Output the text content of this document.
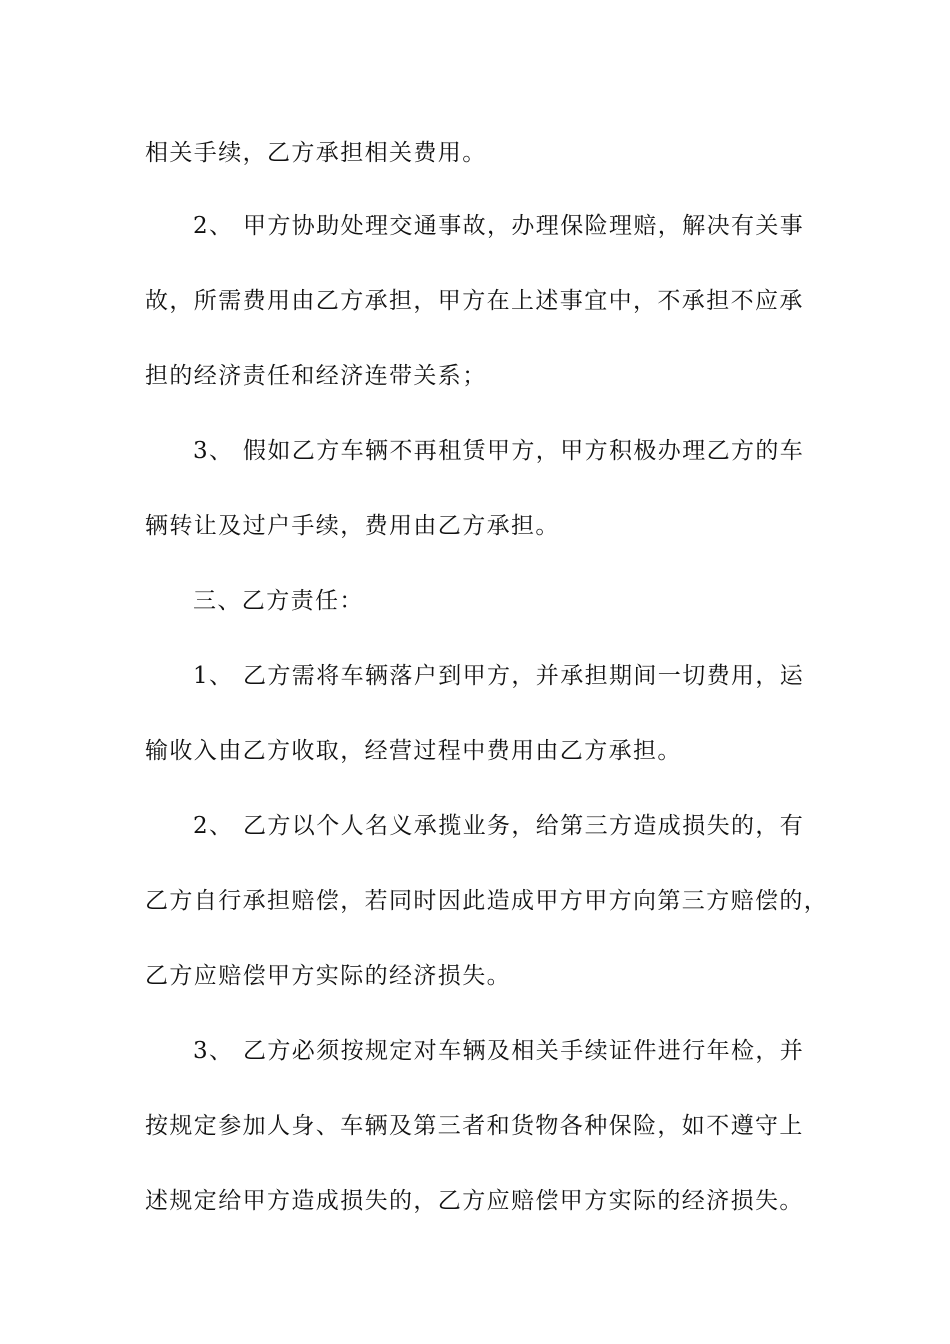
相关手续，乙方承担相关费用。

2、 甲方协助处理交通事故，办理保险理赔，解决有关事

故，所需费用由乙方承担，甲方在上述事宜中，不承担不应承

担的经济责任和经济连带关系；

3、 假如乙方车辆不再租赁甲方，甲方积极办理乙方的车

辆转让及过户手续，费用由乙方承担。

三、乙方责任：

1、 乙方需将车辆落户到甲方，并承担期间一切费用，运

输收入由乙方收取，经营过程中费用由乙方承担。

2、 乙方以个人名义承揽业务，给第三方造成损失的，有

乙方自行承担赔偿，若同时因此造成甲方甲方向第三方赔偿的，

乙方应赔偿甲方实际的经济损失。

3、 乙方必须按规定对车辆及相关手续证件进行年检，并

按规定参加人身、车辆及第三者和货物各种保险，如不遵守上

述规定给甲方造成损失的，乙方应赔偿甲方实际的经济损失。
